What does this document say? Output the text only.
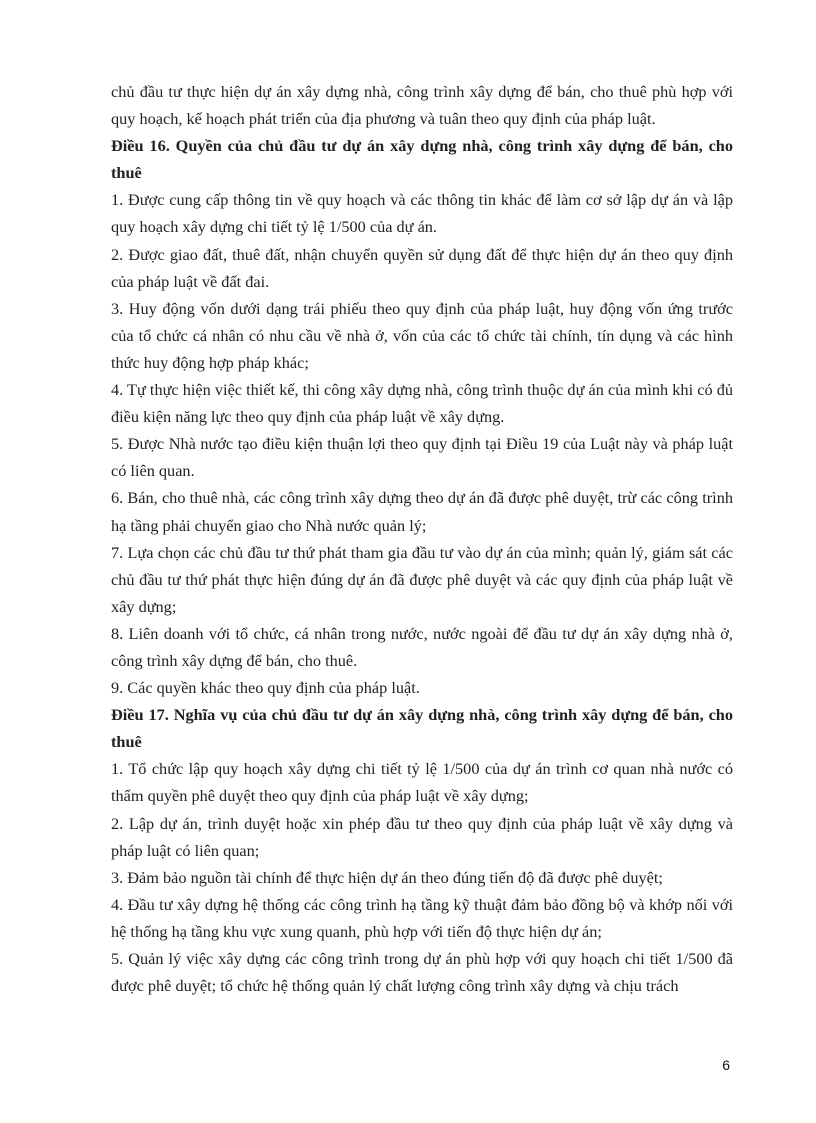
chủ đầu tư thực hiện dự án xây dựng nhà, công trình xây dựng để bán, cho thuê phù hợp với quy hoạch, kế hoạch phát triển của địa phương và tuân theo quy định của pháp luật.

Điều 16. Quyền của chủ đầu tư dự án xây dựng nhà, công trình xây dựng để bán, cho thuê

1. Được cung cấp thông tin về quy hoạch và các thông tin khác để làm cơ sở lập dự án và lập quy hoạch xây dựng chi tiết tỷ lệ 1/500 của dự án.

2. Được giao đất, thuê đất, nhận chuyển quyền sử dụng đất để thực hiện dự án theo quy định của pháp luật về đất đai.

3. Huy động vốn dưới dạng trái phiếu theo quy định của pháp luật, huy động vốn ứng trước của tổ chức cá nhân có nhu cầu về nhà ở, vốn của các tổ chức tài chính, tín dụng và các hình thức huy động hợp pháp khác;

4. Tự thực hiện việc thiết kế, thi công xây dựng nhà, công trình thuộc dự án của mình khi có đủ điều kiện năng lực theo quy định của pháp luật về xây dựng.

5. Được Nhà nước tạo điều kiện thuận lợi theo quy định tại Điều 19 của Luật này và pháp luật có liên quan.

6. Bán, cho thuê nhà, các công trình xây dựng theo dự án đã được phê duyệt, trừ các công trình hạ tầng phải chuyển giao cho Nhà nước quản lý;

7. Lựa chọn các chủ đầu tư thứ phát tham gia đầu tư vào dự án của mình; quản lý, giám sát các chủ đầu tư thứ phát thực hiện đúng dự án đã được phê duyệt và các quy định của pháp luật về xây dựng;

8. Liên doanh với tổ chức, cá nhân trong nước, nước ngoài để đầu tư dự án xây dựng nhà ở, công trình xây dựng để bán, cho thuê.

9. Các quyền khác theo quy định của pháp luật.

Điều 17. Nghĩa vụ của chủ đầu tư dự án xây dựng nhà, công trình xây dựng để bán, cho thuê

1. Tổ chức lập quy hoạch xây dựng chi tiết tỷ lệ 1/500 của dự án trình cơ quan nhà nước có thẩm quyền phê duyệt theo quy định của pháp luật về xây dựng;

2. Lập dự án, trình duyệt hoặc xin phép đầu tư theo quy định của pháp luật về xây dựng và pháp luật có liên quan;

3. Đảm bảo nguồn tài chính để thực hiện dự án theo đúng tiến độ đã được phê duyệt;

4. Đầu tư xây dựng hệ thống các công trình hạ tầng kỹ thuật đảm bảo đồng bộ và khớp nối với hệ thống hạ tầng khu vực xung quanh, phù hợp với tiến độ thực hiện dự án;

5. Quản lý việc xây dựng các công trình trong dự án phù hợp với quy hoạch chi tiết 1/500 đã được phê duyệt; tổ chức hệ thống quản lý chất lượng công trình xây dựng và chịu trách

6
